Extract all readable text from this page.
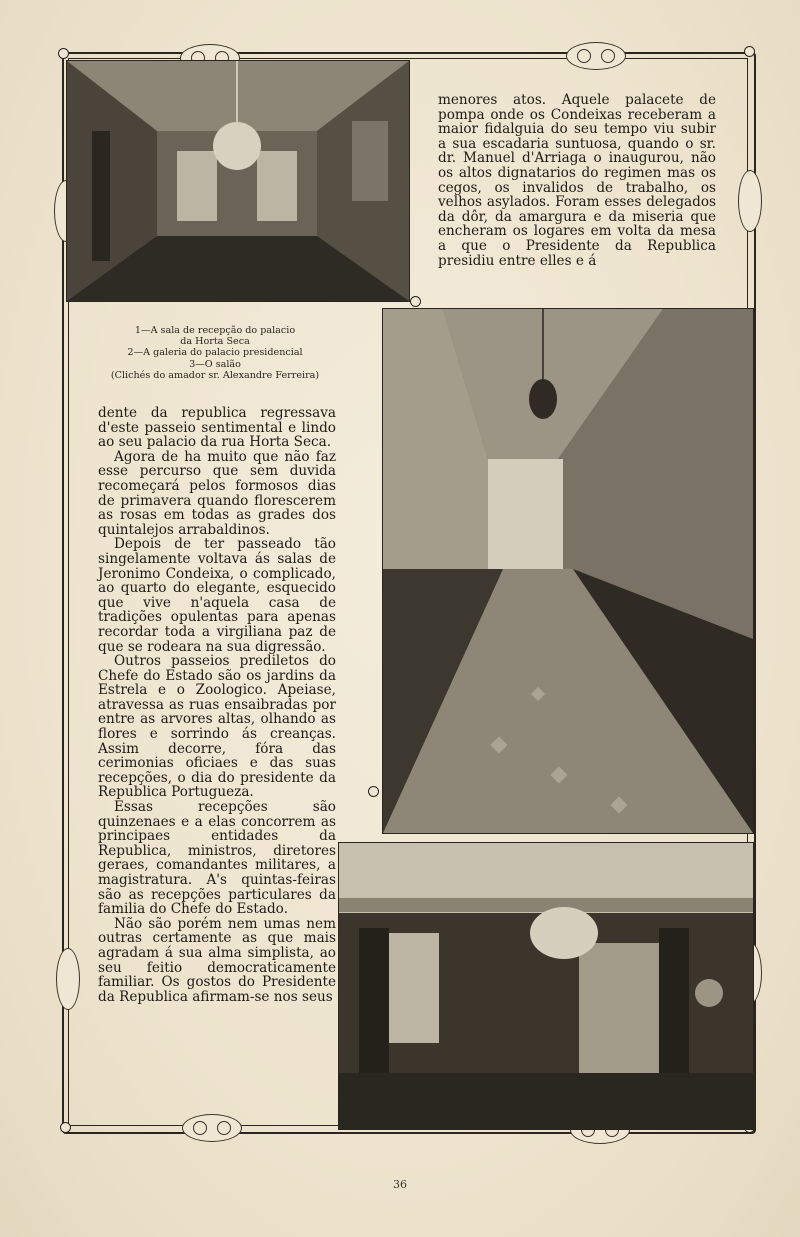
menores atos. Aquele palacete de pompa onde os Condeixas receberam a maior fidalguia do seu tempo viu subir a sua escadaria suntuosa, quando o sr. dr. Manuel d'Arriaga o inaugurou, não os altos dignatarios do regimen mas os cegos, os invalidos de trabalho, os velhos asylados. Foram esses delegados da dôr, da amargura e da miseria que encheram os logares em volta da mesa a que o Presidente da Republica presidiu entre elles e á

1—A sala de recepção do palacio
da Horta Seca
2—A galeria do palacio presidencial
3—O salão
(Clichés do amador sr. Alexandre Ferreira)

dente da republica regressava d'este passeio sentimental e lindo ao seu palacio da rua Horta Seca.

Agora de ha muito que não faz esse percurso que sem duvida recomeçará pelos formosos dias de primavera quando florescerem as rosas em todas as grades dos quintalejos arrabaldinos.

Depois de ter passeado tão singelamente voltava ás salas de Jeronimo Condeixa, o complicado, ao quarto do elegante, esquecido que vive n'aquela casa de tradições opulentas para apenas recordar toda a virgiliana paz de que se rodeara na sua digressão.

Outros passeios prediletos do Chefe do Estado são os jardins da Estrela e o Zoologico. Apeiase, atravessa as ruas ensaibradas por entre as arvores altas, olhando as flores e sorrindo ás creanças. Assim decorre, fóra das cerimonias oficiaes e das suas recepções, o dia do presidente da Republica Portugueza.

Essas recepções são quinzenaes e a elas concorrem as principaes entidades da Republica, ministros, diretores geraes, comandantes militares, a magistratura. A's quintas-feiras são as recepções particulares da familia do Chefe do Estado.

Não são porém nem umas nem outras certamente as que mais agradam á sua alma simplista, ao seu feitio democraticamente familiar. Os gostos do Presidente da Republica afirmam-se nos seus

36
